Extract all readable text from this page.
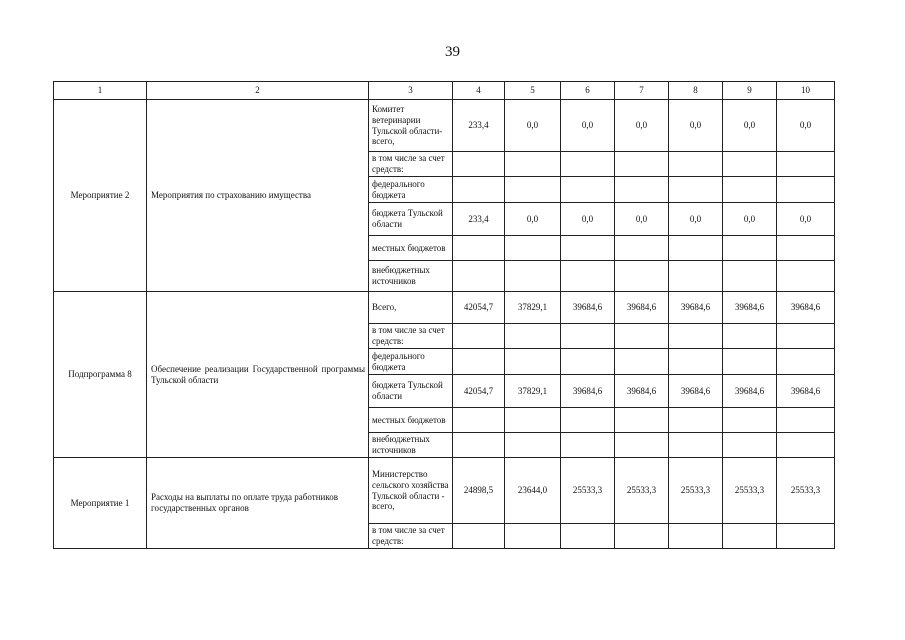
39
1	2	3	4	5	6	7	8	9	10
Мероприятие 2	Мероприятия по страхованию имущества	Комитет ветеринарии Тульской области- всего,	233,4	0,0	0,0	0,0	0,0	0,0	0,0
		в том числе за счет средств:							
		федерального бюджета							
		бюджета Тульской области	233,4	0,0	0,0	0,0	0,0	0,0	0,0
		местных бюджетов							
		внебюджетных источников							
Подпрограмма 8	Обеспечение реализации Государственной программы Тульской области	Всего,	42054,7	37829,1	39684,6	39684,6	39684,6	39684,6	39684,6
		в том числе за счет средств:							
		федерального бюджета							
		бюджета Тульской области	42054,7	37829,1	39684,6	39684,6	39684,6	39684,6	39684,6
		местных бюджетов							
		внебюджетных источников							
Мероприятие 1	Расходы на выплаты по оплате труда работников государственных органов	Министерство сельского хозяйства Тульской области - всего,	24898,5	23644,0	25533,3	25533,3	25533,3	25533,3	25533,3
		в том числе за счет средств:							
